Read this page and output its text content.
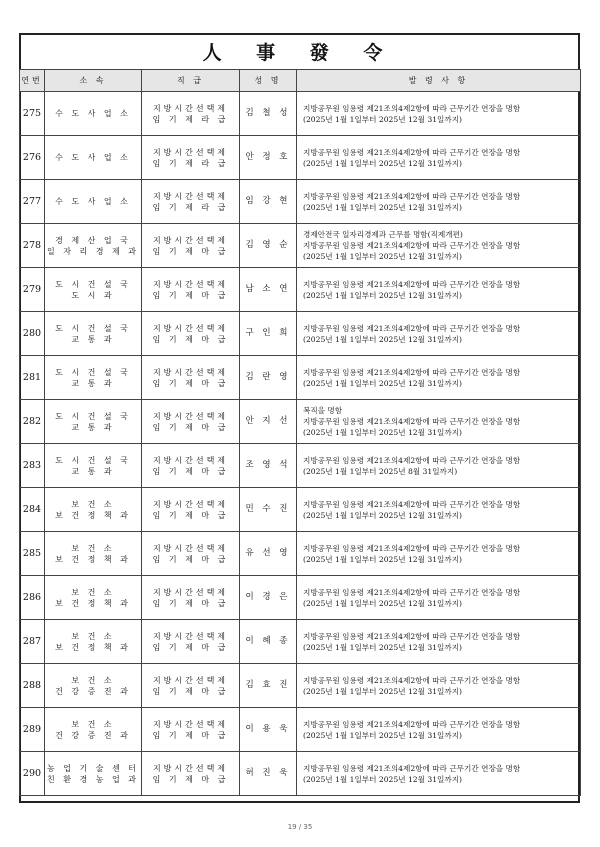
人 事 發 令
연번	소 속	직 급	성 명	발 령 사 항
275	수 도 사 업 소	지방시간선택제
임 기 제 라 급	김 철 성	지방공무원 임용령 제21조의4제2항에 따라 근무기간 연장을 명함
(2025년 1월 1일부터 2025년 12월 31일까지)

276	수 도 사 업 소	지방시간선택제
임 기 제 라 급	안 정 호	지방공무원 임용령 제21조의4제2항에 따라 근무기간 연장을 명함
(2025년 1월 1일부터 2025년 12월 31일까지)

277	수 도 사 업 소	지방시간선택제
임 기 제 라 급	임 강 현	지방공무원 임용령 제21조의4제2항에 따라 근무기간 연장을 명함
(2025년 1월 1일부터 2025년 12월 31일까지)

278	경 제 산 업 국
일 자 리 경 제 과	지방시간선택제
임 기 제 마 급	김 영 순	경제안전국 일자리경제과 근무를 명함(직제개편)
지방공무원 임용령 제21조의4제2항에 따라 근무기간 연장을 명함
(2025년 1월 1일부터 2025년 12월 31일까지)

279	도 시 건 설 국
도 시 과	지방시간선택제
임 기 제 마 급	남 소 연	지방공무원 임용령 제21조의4제2항에 따라 근무기간 연장을 명함
(2025년 1월 1일부터 2025년 12월 31일까지)

280	도 시 건 설 국
교 통 과	지방시간선택제
임 기 제 마 급	구 인 희	지방공무원 임용령 제21조의4제2항에 따라 근무기간 연장을 명함
(2025년 1월 1일부터 2025년 12월 31일까지)

281	도 시 건 설 국
교 통 과	지방시간선택제
임 기 제 마 급	김 란 영	지방공무원 임용령 제21조의4제2항에 따라 근무기간 연장을 명함
(2025년 1월 1일부터 2025년 12월 31일까지)

282	도 시 건 설 국
교 통 과	지방시간선택제
임 기 제 마 급	안 지 선	복직을 명함
지방공무원 임용령 제21조의4제2항에 따라 근무기간 연장을 명함
(2025년 1월 1일부터 2025년 12월 31일까지)

283	도 시 건 설 국
교 통 과	지방시간선택제
임 기 제 마 급	조 영 석	지방공무원 임용령 제21조의4제2항에 따라 근무기간 연장을 명함
(2025년 1월 1일부터 2025년 8월 31일까지)

284	보 건 소
보 건 정 책 과	지방시간선택제
임 기 제 마 급	민 수 진	지방공무원 임용령 제21조의4제2항에 따라 근무기간 연장을 명함
(2025년 1월 1일부터 2025년 12월 31일까지)

285	보 건 소
보 건 정 책 과	지방시간선택제
임 기 제 마 급	유 선 영	지방공무원 임용령 제21조의4제2항에 따라 근무기간 연장을 명함
(2025년 1월 1일부터 2025년 12월 31일까지)

286	보 건 소
보 건 정 책 과	지방시간선택제
임 기 제 마 급	이 경 은	지방공무원 임용령 제21조의4제2항에 따라 근무기간 연장을 명함
(2025년 1월 1일부터 2025년 12월 31일까지)

287	보 건 소
보 건 정 책 과	지방시간선택제
임 기 제 마 급	이 혜 종	지방공무원 임용령 제21조의4제2항에 따라 근무기간 연장을 명함
(2025년 1월 1일부터 2025년 12월 31일까지)

288	보 건 소
건 강 증 진 과	지방시간선택제
임 기 제 마 급	김 효 진	지방공무원 임용령 제21조의4제2항에 따라 근무기간 연장을 명함
(2025년 1월 1일부터 2025년 12월 31일까지)

289	보 건 소
건 강 증 진 과	지방시간선택제
임 기 제 마 급	이 용 욱	지방공무원 임용령 제21조의4제2항에 따라 근무기간 연장을 명함
(2025년 1월 1일부터 2025년 12월 31일까지)

290	농 업 기 술 센 터
친 환 경 농 업 과	지방시간선택제
임 기 제 마 급	허 진 욱	지방공무원 임용령 제21조의4제2항에 따라 근무기간 연장을 명함
(2025년 1월 1일부터 2025년 12월 31일까지)
19 / 35
